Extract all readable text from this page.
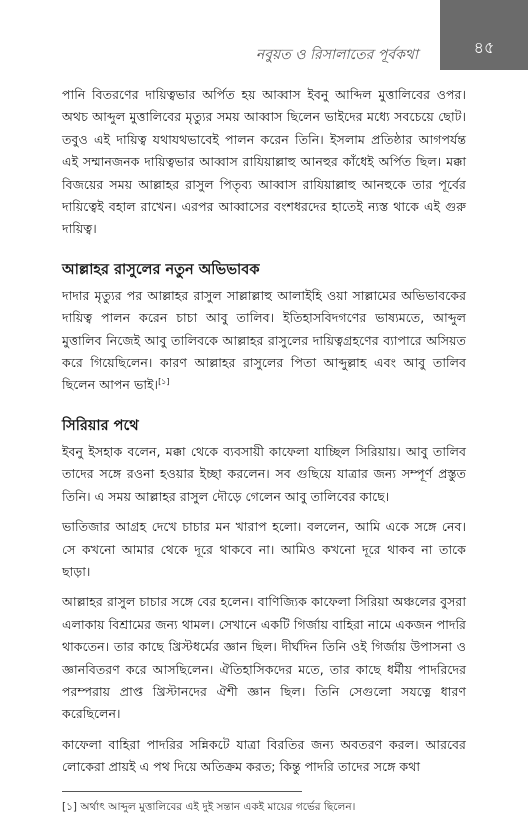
৪৫
নবুয়ত ও রিসালাতের পূর্বকথা

পানি বিতরণের দায়িত্বভার অর্পিত হয় আব্বাস ইবনু আব্দিল মুত্তালিবের ওপর। অথচ আব্দুল মুত্তালিবের মৃত্যুর সময় আব্বাস ছিলেন ভাইদের মধ্যে সবচেয়ে ছোট। তবুও এই দায়িত্ব যথাযথভাবেই পালন করেন তিনি। ইসলাম প্রতিষ্ঠার আগপর্যন্ত এই সম্মানজনক দায়িত্বভার আব্বাস রাযিয়াল্লাহু আনহুর কাঁধেই অর্পিত ছিল। মক্কা বিজয়ের সময় আল্লাহর রাসুল পিতৃব্য আব্বাস রাযিয়াল্লাহু আনহুকে তার পূর্বের দায়িত্বেই বহাল রাখেন। এরপর আব্বাসের বংশধরদের হাতেই ন্যস্ত থাকে এই গুরু দায়িত্ব।

আল্লাহর রাসুলের নতুন অভিভাবক

দাদার মৃত্যুর পর আল্লাহর রাসুল সাল্লাল্লাহু আলাইহি ওয়া সাল্লামের অভিভাবকের দায়িত্ব পালন করেন চাচা আবু তালিব। ইতিহাসবিদগণের ভাষ্যমতে, আব্দুল মুত্তালিব নিজেই আবু তালিবকে আল্লাহর রাসুলের দায়িত্বগ্রহণের ব্যাপারে অসিয়ত করে গিয়েছিলেন। কারণ আল্লাহর রাসুলের পিতা আব্দুল্লাহ এবং আবু তালিব ছিলেন আপন ভাই।[১]

সিরিয়ার পথে

ইবনু ইসহাক বলেন, মক্কা থেকে ব্যবসায়ী কাফেলা যাচ্ছিল সিরিয়ায়। আবু তালিব তাদের সঙ্গে রওনা হওয়ার ইচ্ছা করলেন। সব গুছিয়ে যাত্রার জন্য সম্পূর্ণ প্রস্তুত তিনি। এ সময় আল্লাহর রাসুল দৌড়ে গেলেন আবু তালিবের কাছে।

ভাতিজার আগ্রহ দেখে চাচার মন খারাপ হলো। বললেন, আমি একে সঙ্গে নেব। সে কখনো আমার থেকে দূরে থাকবে না। আমিও কখনো দূরে থাকব না তাকে ছাড়া।

আল্লাহর রাসুল চাচার সঙ্গে বের হলেন। বাণিজ্যিক কাফেলা সিরিয়া অঞ্চলের বুসরা এলাকায় বিশ্রামের জন্য থামল। সেখানে একটি গির্জায় বাহিরা নামে একজন পাদরি থাকতেন। তার কাছে খ্রিস্টধর্মের জ্ঞান ছিল। দীর্ঘদিন তিনি ওই গির্জায় উপাসনা ও জ্ঞানবিতরণ করে আসছিলেন। ঐতিহাসিকদের মতে, তার কাছে ধর্মীয় পাদরিদের পরম্পরায় প্রাপ্ত খ্রিস্টানদের ঐশী জ্ঞান ছিল। তিনি সেগুলো সযত্নে ধারণ করেছিলেন।

কাফেলা বাহিরা পাদরির সন্নিকটে যাত্রা বিরতির জন্য অবতরণ করল। আরবের লোকেরা প্রায়ই এ পথ দিয়ে অতিক্রম করত; কিন্তু পাদরি তাদের সঙ্গে কথা

[১] অর্থাৎ আব্দুল মুত্তালিবের এই দুই সন্তান একই মায়ের গর্ভের ছিলেন।
